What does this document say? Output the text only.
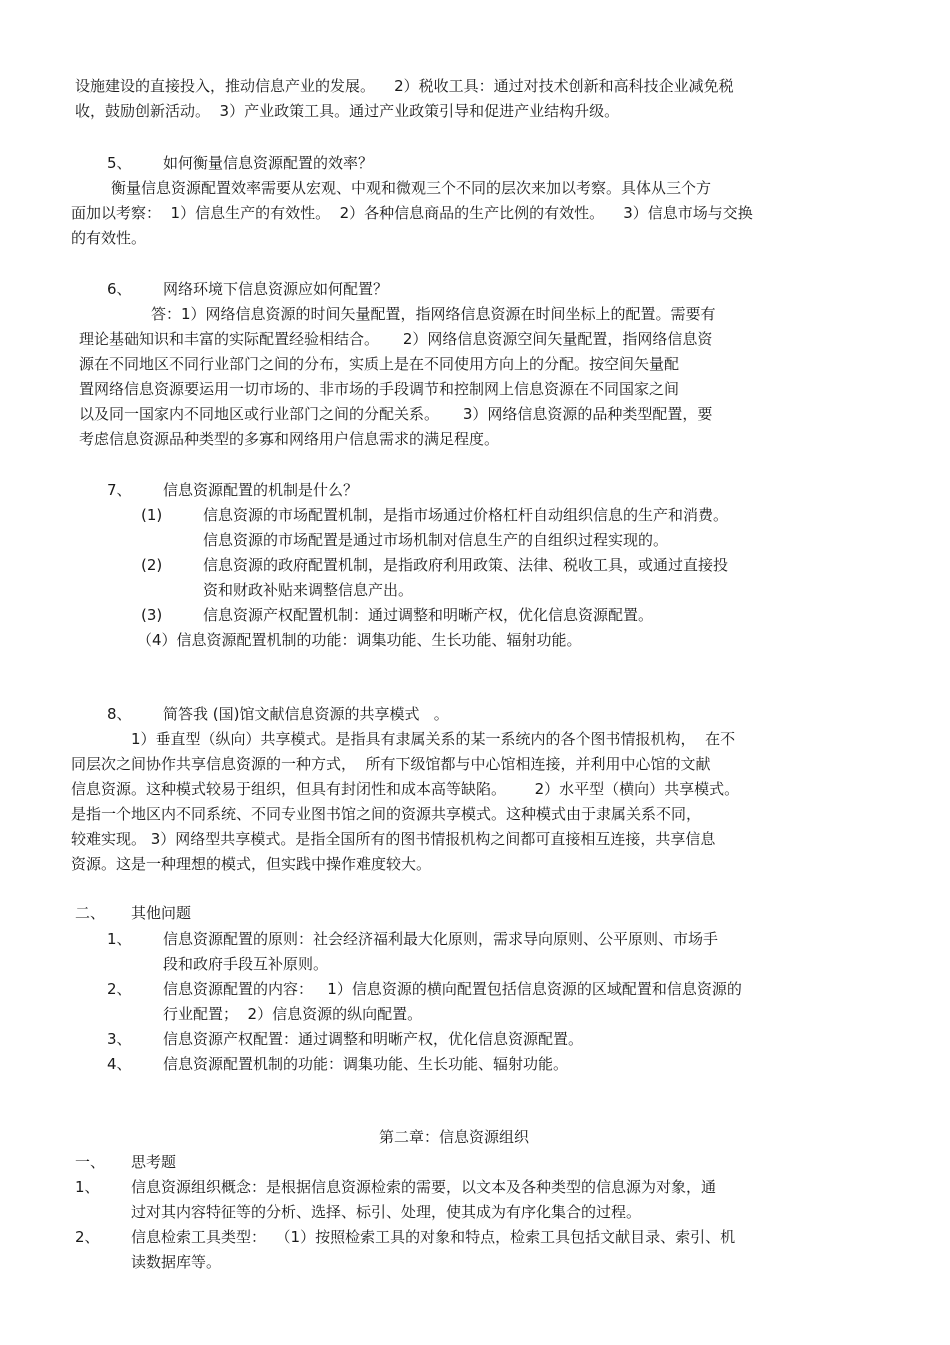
设施建设的直接投入，推动信息产业的发展。    2）税收工具：通过对技术创新和高科技企业减免税
收，鼓励创新活动。  3）产业政策工具。通过产业政策引导和促进产业结构升级。
5、 如何衡量信息资源配置的效率？
衡量信息资源配置效率需要从宏观、中观和微观三个不同的层次来加以考察。具体从三个方
面加以考察：  1）信息生产的有效性。  2）各种信息商品的生产比例的有效性。    3）信息市场与交换
的有效性。
6、 网络环境下信息资源应如何配置？
答：1）网络信息资源的时间矢量配置，指网络信息资源在时间坐标上的配置。需要有
理论基础知识和丰富的实际配置经验相结合。     2）网络信息资源空间矢量配置，指网络信息资
源在不同地区不同行业部门之间的分布，实质上是在不同使用方向上的分配。按空间矢量配
置网络信息资源要运用一切市场的、非市场的手段调节和控制网上信息资源在不同国家之间
以及同一国家内不同地区或行业部门之间的分配关系。     3）网络信息资源的品种类型配置，要
考虑信息资源品种类型的多寡和网络用户信息需求的满足程度。
7、 信息资源配置的机制是什么？
(1)	信息资源的市场配置机制，是指市场通过价格杠杆自动组织信息的生产和消费。
信息资源的市场配置是通过市场机制对信息生产的自组织过程实现的。
(2)	信息资源的政府配置机制，是指政府利用政策、法律、税收工具，或通过直接投
资和财政补贴来调整信息产出。
(3)	信息资源产权配置机制：通过调整和明晰产权，优化信息资源配置。
（4）信息资源配置机制的功能：调集功能、生长功能、辐射功能。
8、 简答我 (国)馆文献信息资源的共享模式   。
1）垂直型（纵向）共享模式。是指具有隶属关系的某一系统内的各个图书情报机构，  在不
同层次之间协作共享信息资源的一种方式，  所有下级馆都与中心馆相连接，并利用中心馆的文献
信息资源。这种模式较易于组织，但具有封闭性和成本高等缺陷。      2）水平型（横向）共享模式。
是指一个地区内不同系统、不同专业图书馆之间的资源共享模式。这种模式由于隶属关系不同，
较难实现。 3）网络型共享模式。是指全国所有的图书情报机构之间都可直接相互连接，共享信息
资源。这是一种理想的模式，但实践中操作难度较大。
二、 其他问题
1、 信息资源配置的原则：社会经济福利最大化原则，需求导向原则、公平原则、市场手
段和政府手段互补原则。
2、 信息资源配置的内容：   1）信息资源的横向配置包括信息资源的区域配置和信息资源的
行业配置；  2）信息资源的纵向配置。
3、 信息资源产权配置：通过调整和明晰产权，优化信息资源配置。
4、 信息资源配置机制的功能：调集功能、生长功能、辐射功能。
第二章：信息资源组织
一、 思考题
1、 信息资源组织概念：是根据信息资源检索的需要，以文本及各种类型的信息源为对象，通
过对其内容特征等的分析、选择、标引、处理，使其成为有序化集合的过程。
2、 信息检索工具类型：  （1）按照检索工具的对象和特点，检索工具包括文献目录、索引、机
读数据库等。
